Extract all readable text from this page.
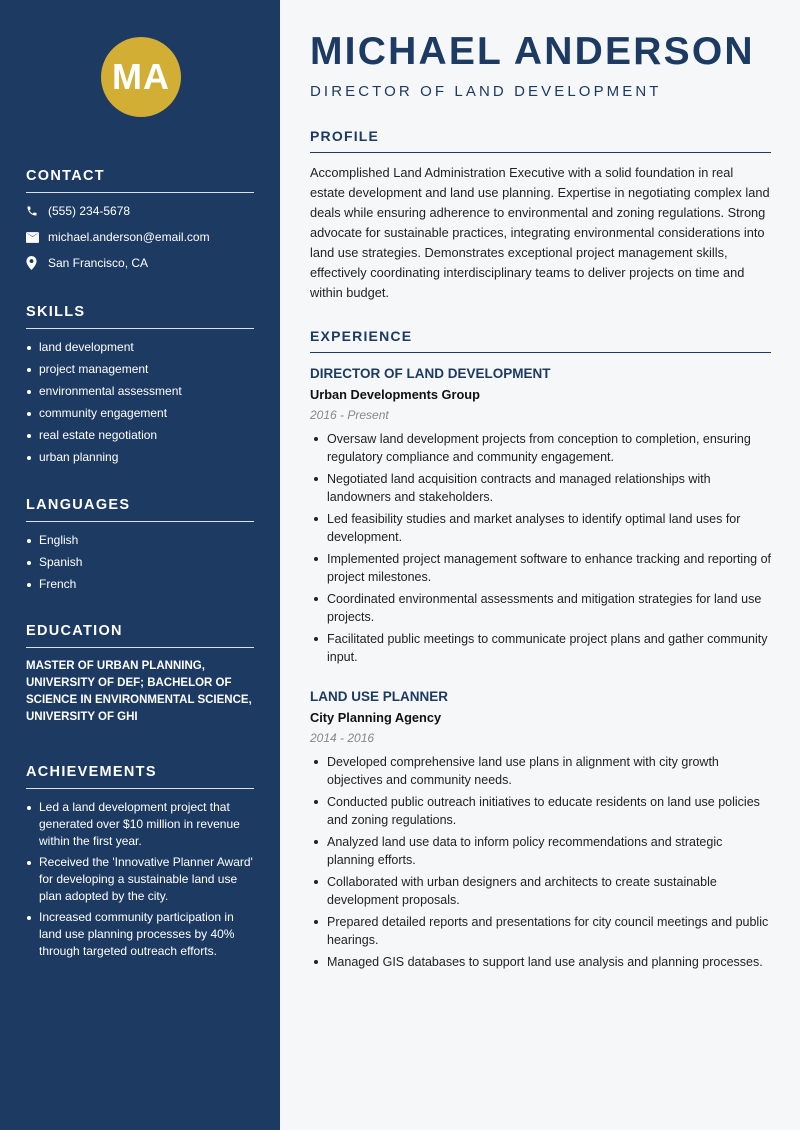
MA
CONTACT
(555) 234-5678
michael.anderson@email.com
San Francisco, CA
SKILLS
land development
project management
environmental assessment
community engagement
real estate negotiation
urban planning
LANGUAGES
English
Spanish
French
EDUCATION
MASTER OF URBAN PLANNING, UNIVERSITY OF DEF; BACHELOR OF SCIENCE IN ENVIRONMENTAL SCIENCE, UNIVERSITY OF GHI
ACHIEVEMENTS
Led a land development project that generated over $10 million in revenue within the first year.
Received the 'Innovative Planner Award' for developing a sustainable land use plan adopted by the city.
Increased community participation in land use planning processes by 40% through targeted outreach efforts.
MICHAEL ANDERSON
DIRECTOR OF LAND DEVELOPMENT
PROFILE

Accomplished Land Administration Executive with a solid foundation in real estate development and land use planning. Expertise in negotiating complex land deals while ensuring adherence to environmental and zoning regulations. Strong advocate for sustainable practices, integrating environmental considerations into land use strategies. Demonstrates exceptional project management skills, effectively coordinating interdisciplinary teams to deliver projects on time and within budget.

EXPERIENCE
DIRECTOR OF LAND DEVELOPMENT
Urban Developments Group
2016 - Present
Oversaw land development projects from conception to completion, ensuring regulatory compliance and community engagement.
Negotiated land acquisition contracts and managed relationships with landowners and stakeholders.
Led feasibility studies and market analyses to identify optimal land uses for development.
Implemented project management software to enhance tracking and reporting of project milestones.
Coordinated environmental assessments and mitigation strategies for land use projects.
Facilitated public meetings to communicate project plans and gather community input.
LAND USE PLANNER
City Planning Agency
2014 - 2016
Developed comprehensive land use plans in alignment with city growth objectives and community needs.
Conducted public outreach initiatives to educate residents on land use policies and zoning regulations.
Analyzed land use data to inform policy recommendations and strategic planning efforts.
Collaborated with urban designers and architects to create sustainable development proposals.
Prepared detailed reports and presentations for city council meetings and public hearings.
Managed GIS databases to support land use analysis and planning processes.
